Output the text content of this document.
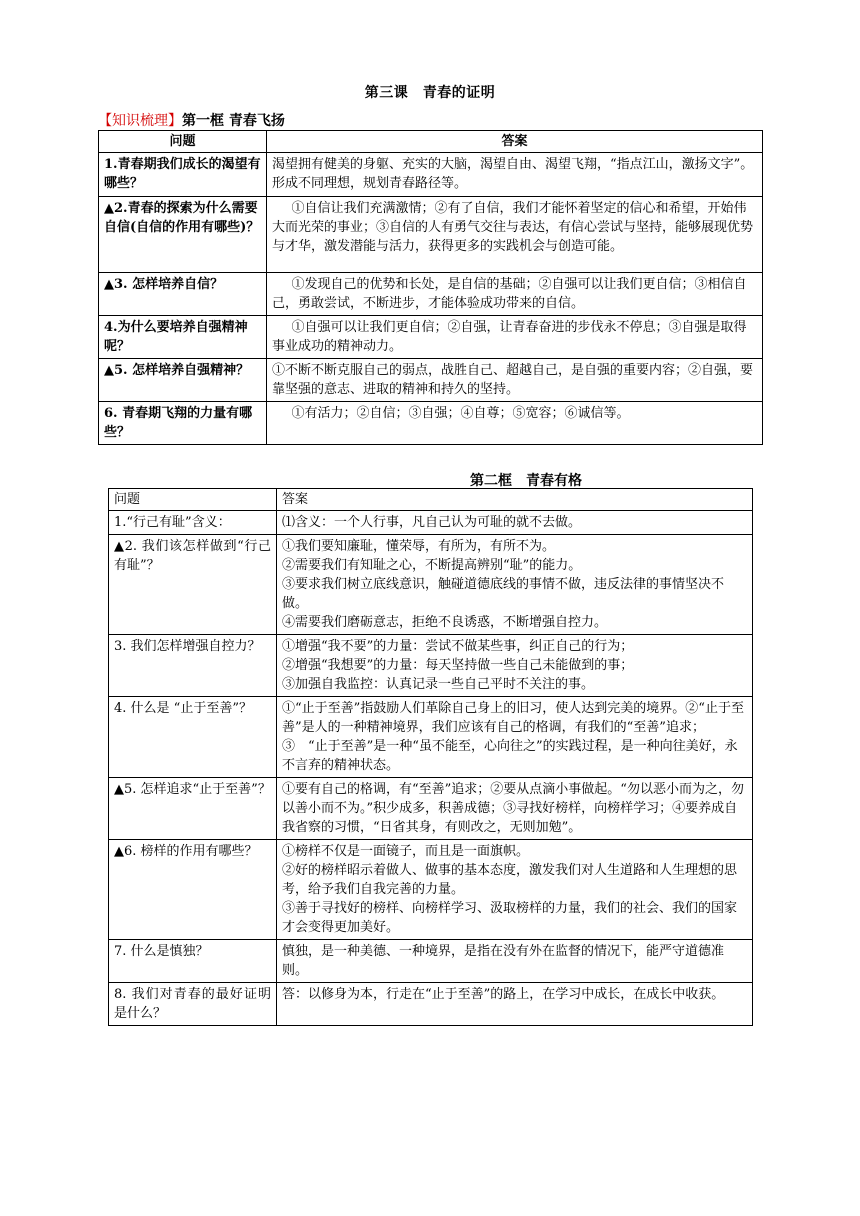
第三课　青春的证明
【知识梳理】第一框 青春飞扬
问题	答案
1.青春期我们成长的渴望有哪些？	渴望拥有健美的身躯、充实的大脑，渴望自由、渴望飞翔，“指点江山，激扬文字”。形成不同理想，规划青春路径等。

▲2.青春的探索为什么需要自信(自信的作用有哪些)？	①自信让我们充满激情；②有了自信，我们才能怀着坚定的信心和希望，开始伟大而光荣的事业；③自信的人有勇气交往与表达，有信心尝试与坚持，能够展现优势与才华，激发潜能与活力，获得更多的实践机会与创造可能。

▲3. 怎样培养自信？	①发现自己的优势和长处，是自信的基础；②自强可以让我们更自信；③相信自己，勇敢尝试，不断进步，才能体验成功带来的自信。

4.为什么要培养自强精神呢？	①自强可以让我们更自信；②自强，让青春奋进的步伐永不停息；③自强是取得事业成功的精神动力。

▲5. 怎样培养自强精神？	①不断不断克服自己的弱点，战胜自己、超越自己，是自强的重要内容；②自强，要靠坚强的意志、进取的精神和持久的坚持。

6. 青春期飞翔的力量有哪些？	①有活力；②自信；③自强；④自尊；⑤宽容；⑥诚信等。
第二框　青春有格
问题	答案
1.“行己有耻”含义：	⑴含义：一个人行事，凡自己认为可耻的就不去做。

▲2. 我们该怎样做到“行己有耻”？	①我们要知廉耻，懂荣辱，有所为，有所不为。
②需要我们有知耻之心，不断提高辨别“耻”的能力。
③要求我们树立底线意识，触碰道德底线的事情不做，违反法律的事情坚决不做。
④需要我们磨砺意志，拒绝不良诱惑，不断增强自控力。

3. 我们怎样增强自控力？	①增强“我不要”的力量：尝试不做某些事，纠正自己的行为；
②增强“我想要”的力量：每天坚持做一些自己未能做到的事；
③加强自我监控：认真记录一些自己平时不关注的事。

4. 什么是 “止于至善”？	①“止于至善”指鼓励人们革除自己身上的旧习，使人达到完美的境界。②“止于至善”是人的一种精神境界，我们应该有自己的格调，有我们的“至善”追求；　③　“止于至善”是一种“虽不能至，心向往之”的实践过程，是一种向往美好，永不言弃的精神状态。

▲5. 怎样追求“止于至善”？	①要有自己的格调，有“至善”追求；②要从点滴小事做起。“勿以恶小而为之，勿以善小而不为。”积少成多，积善成德；③寻找好榜样，向榜样学习；④要养成自我省察的习惯，“日省其身，有则改之，无则加勉”。

▲6. 榜样的作用有哪些？	①榜样不仅是一面镜子，而且是一面旗帜。
②好的榜样昭示着做人、做事的基本态度，激发我们对人生道路和人生理想的思考，给予我们自我完善的力量。
③善于寻找好的榜样、向榜样学习、汲取榜样的力量，我们的社会、我们的国家才会变得更加美好。

7. 什么是慎独？	慎独，是一种美德、一种境界，是指在没有外在监督的情况下，能严守道德准则。

8. 我们对青春的最好证明是什么？	答：以修身为本，行走在“止于至善”的路上，在学习中成长，在成长中收获。
